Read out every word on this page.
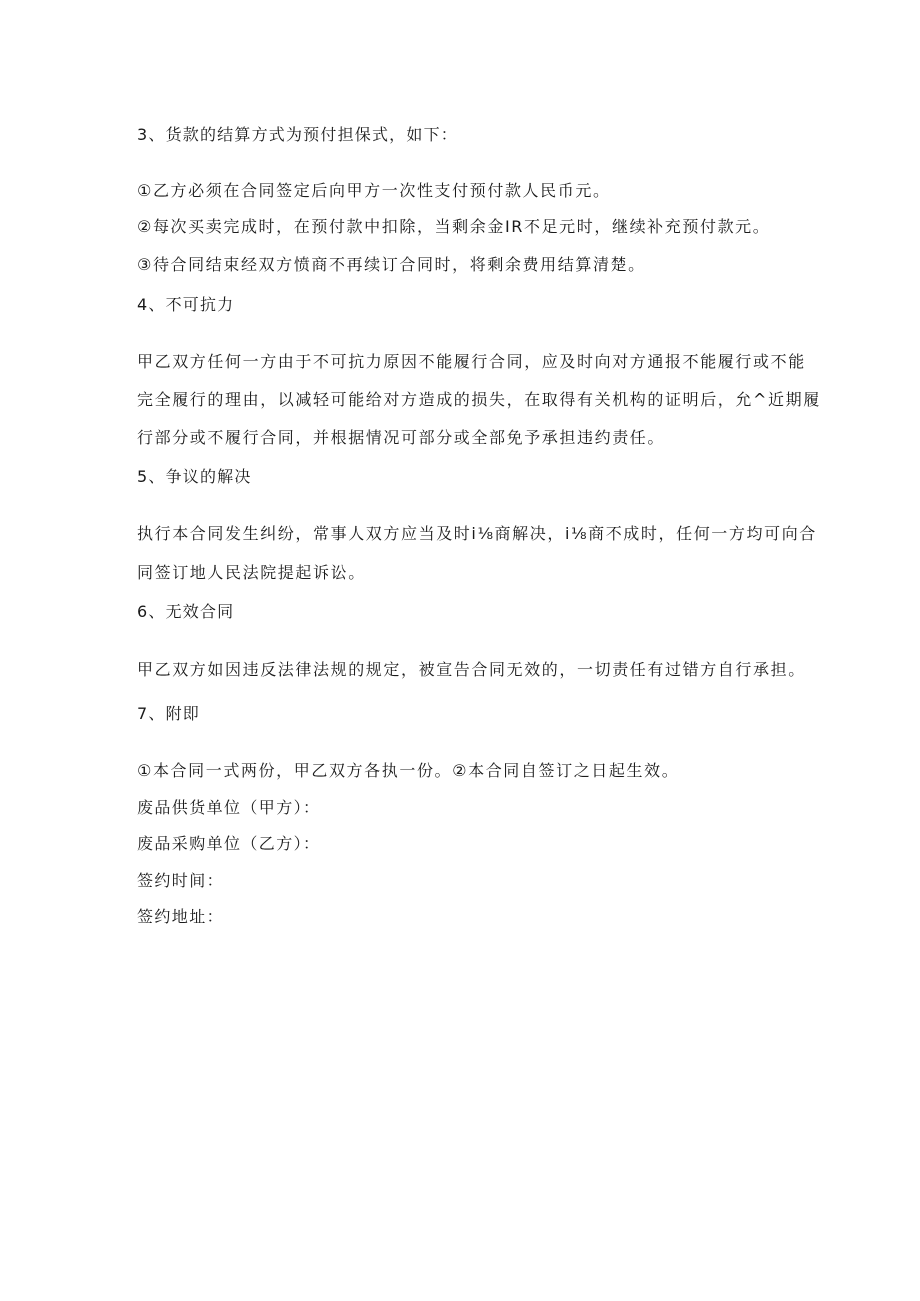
3、货款的结算方式为预付担保式，如下：
①乙方必须在合同签定后向甲方一次性支付预付款人民币元。
②每次买卖完成时，在预付款中扣除，当剩余金IR不足元时，继续补充预付款元。
③待合同结束经双方愤商不再续订合同时，将剩余费用结算清楚。
4、不可抗力
甲乙双方任何一方由于不可抗力原因不能履行合同，应及时向对方通报不能履行或不能
完全履行的理由，以减轻可能给对方造成的损失，在取得有关机构的证明后，允^近期履
行部分或不履行合同，并根据情况可部分或全部免予承担违约责任。
5、争议的解决
执行本合同发生纠纷，常事人双方应当及时i⅛商解决，i⅛商不成时，任何一方均可向合
同签订地人民法院提起诉讼。
6、无效合同
甲乙双方如因违反法律法规的规定，被宣告合同无效的，一切责任有过错方自行承担。
7、附即
①本合同一式两份，甲乙双方各执一份。②本合同自签订之日起生效。
废品供货单位（甲方）：
废品采购单位（乙方）：
签约时间：
签约地址：
